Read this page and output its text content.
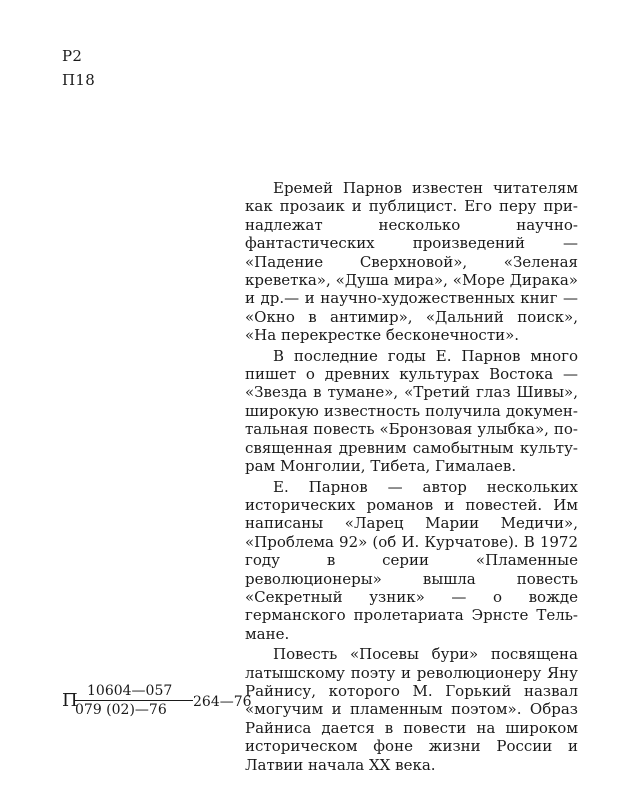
Р2
П18

Еремей Парнов известен читателям как прозаик и публицист. Его перу принадлежат несколько научно-фантастических произведений — «Падение Сверхновой», «Зеленая креветка», «Душа мира», «Море Дирака» и др.— и научно-художественных книг — «Окно в антимир», «Дальний поиск», «На перекрестке бесконечности».

В последние годы Е. Парнов много пишет о древних культурах Востока — «Звезда в тумане», «Третий глаз Шивы», широкую известность получила документальная повесть «Бронзовая улыбка», посвященная древним самобытным культурам Монголии, Тибета, Гималаев.

Е. Парнов — автор нескольких исторических романов и повестей. Им написаны «Ларец Марии Медичи», «Проблема 92» (об И. Курчатове). В 1972 году в серии «Пламенные революционеры» вышла повесть «Секретный узник» — о вожде германского пролетариата Эрнсте Тельмане.

Повесть «Посевы бури» посвящена латышскому поэту и революционеру Яну Райнису, которого М. Горький назвал «могучим и пламенным поэтом». Образ Райниса дается в повести на широком историческом фоне жизни России и Латвии начала XX века.

П
$\frac{10604—057}{079 (02)—76}$ 264—76
